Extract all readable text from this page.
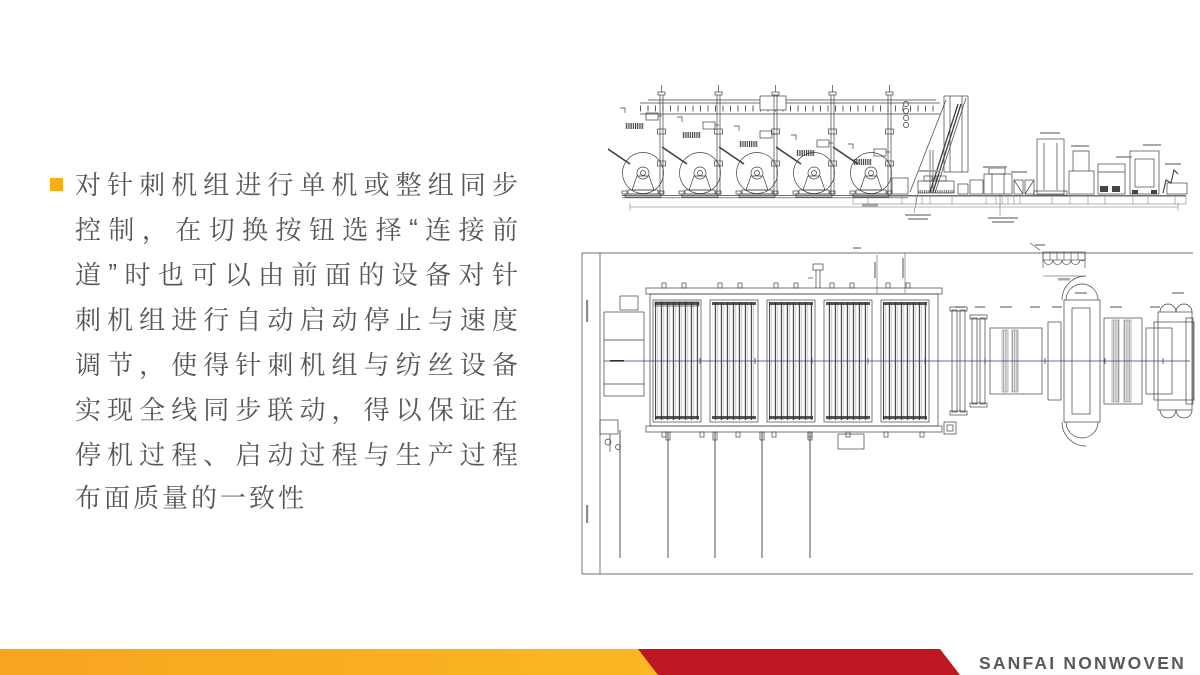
对 针 刺 机 组 进 行 单 机 或 整 组 同 步
控 制 ， 在 切 换 按 钮 选 择 “ 连 接 前
道 ” 时 也 可 以 由 前 面 的 设 备 对 针
刺 机 组 进 行 自 动 启 动 停 止 与 速 度
调 节 ， 使 得 针 刺 机 组 与 纺 丝 设 备
实 现 全 线 同 步 联 动 ， 得 以 保 证 在
停 机 过 程 、 启 动 过 程 与 生 产 过 程
布面质量的一致性
SANFAI NONWOVEN
